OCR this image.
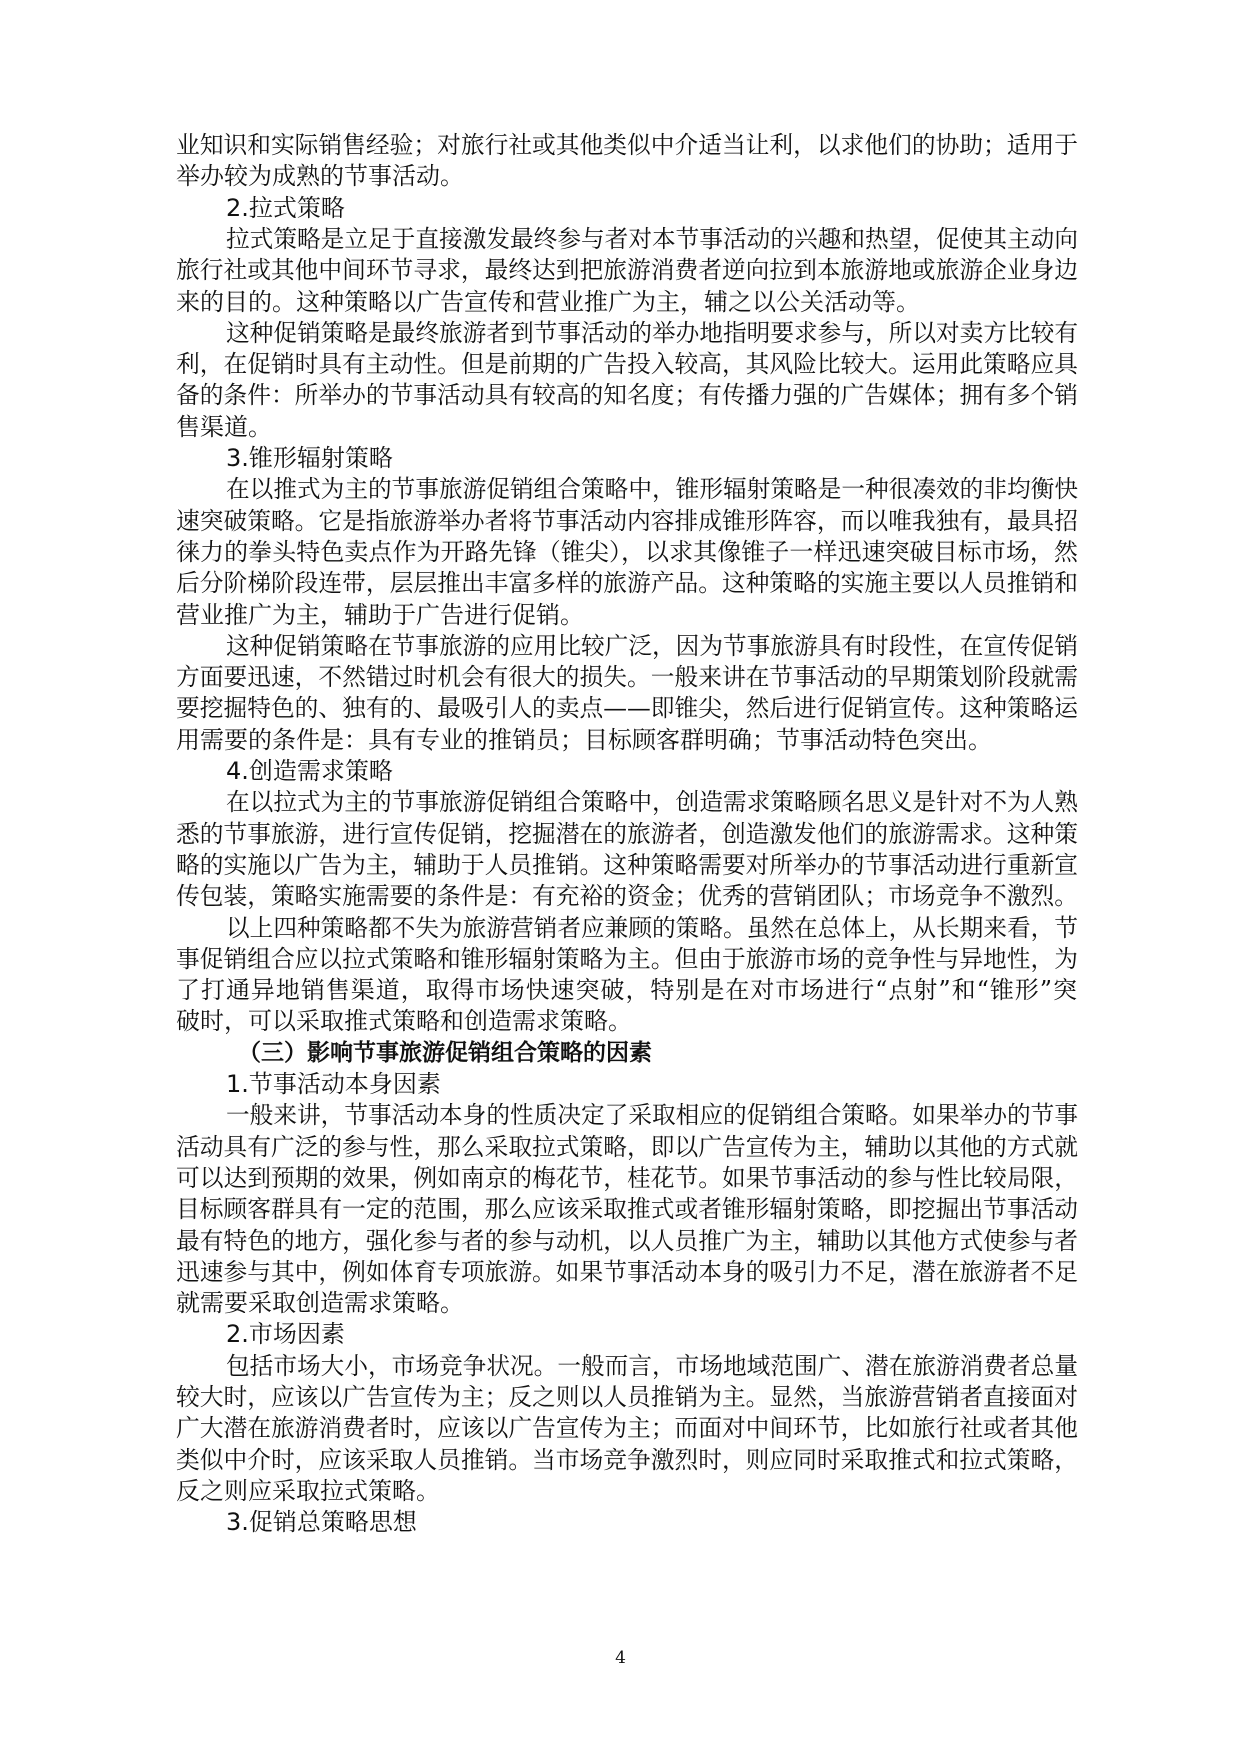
业知识和实际销售经验；对旅行社或其他类似中介适当让利，以求他们的协助；适用于
举办较为成熟的节事活动。
2.拉式策略
拉式策略是立足于直接激发最终参与者对本节事活动的兴趣和热望，促使其主动向
旅行社或其他中间环节寻求，最终达到把旅游消费者逆向拉到本旅游地或旅游企业身边
来的目的。这种策略以广告宣传和营业推广为主，辅之以公关活动等。
这种促销策略是最终旅游者到节事活动的举办地指明要求参与，所以对卖方比较有
利，在促销时具有主动性。但是前期的广告投入较高，其风险比较大。运用此策略应具
备的条件：所举办的节事活动具有较高的知名度；有传播力强的广告媒体；拥有多个销
售渠道。
3.锥形辐射策略
在以推式为主的节事旅游促销组合策略中，锥形辐射策略是一种很凑效的非均衡快
速突破策略。它是指旅游举办者将节事活动内容排成锥形阵容，而以唯我独有，最具招
徕力的拳头特色卖点作为开路先锋（锥尖），以求其像锥子一样迅速突破目标市场，然
后分阶梯阶段连带，层层推出丰富多样的旅游产品。这种策略的实施主要以人员推销和
营业推广为主，辅助于广告进行促销。
这种促销策略在节事旅游的应用比较广泛，因为节事旅游具有时段性，在宣传促销
方面要迅速，不然错过时机会有很大的损失。一般来讲在节事活动的早期策划阶段就需
要挖掘特色的、独有的、最吸引人的卖点——即锥尖，然后进行促销宣传。这种策略运
用需要的条件是：具有专业的推销员；目标顾客群明确；节事活动特色突出。
4.创造需求策略
在以拉式为主的节事旅游促销组合策略中，创造需求策略顾名思义是针对不为人熟
悉的节事旅游，进行宣传促销，挖掘潜在的旅游者，创造激发他们的旅游需求。这种策
略的实施以广告为主，辅助于人员推销。这种策略需要对所举办的节事活动进行重新宣
传包装，策略实施需要的条件是：有充裕的资金；优秀的营销团队；市场竞争不激烈。
以上四种策略都不失为旅游营销者应兼顾的策略。虽然在总体上，从长期来看，节
事促销组合应以拉式策略和锥形辐射策略为主。但由于旅游市场的竞争性与异地性，为
了打通异地销售渠道，取得市场快速突破，特别是在对市场进行“点射”和“锥形”突
破时，可以采取推式策略和创造需求策略。
（三）影响节事旅游促销组合策略的因素
1.节事活动本身因素
一般来讲，节事活动本身的性质决定了采取相应的促销组合策略。如果举办的节事
活动具有广泛的参与性，那么采取拉式策略，即以广告宣传为主，辅助以其他的方式就
可以达到预期的效果，例如南京的梅花节，桂花节。如果节事活动的参与性比较局限，
目标顾客群具有一定的范围，那么应该采取推式或者锥形辐射策略，即挖掘出节事活动
最有特色的地方，强化参与者的参与动机，以人员推广为主，辅助以其他方式使参与者
迅速参与其中，例如体育专项旅游。如果节事活动本身的吸引力不足，潜在旅游者不足
就需要采取创造需求策略。
2.市场因素
包括市场大小，市场竞争状况。一般而言，市场地域范围广、潜在旅游消费者总量
较大时，应该以广告宣传为主；反之则以人员推销为主。显然，当旅游营销者直接面对
广大潜在旅游消费者时，应该以广告宣传为主；而面对中间环节，比如旅行社或者其他
类似中介时，应该采取人员推销。当市场竞争激烈时，则应同时采取推式和拉式策略，
反之则应采取拉式策略。
3.促销总策略思想
4
